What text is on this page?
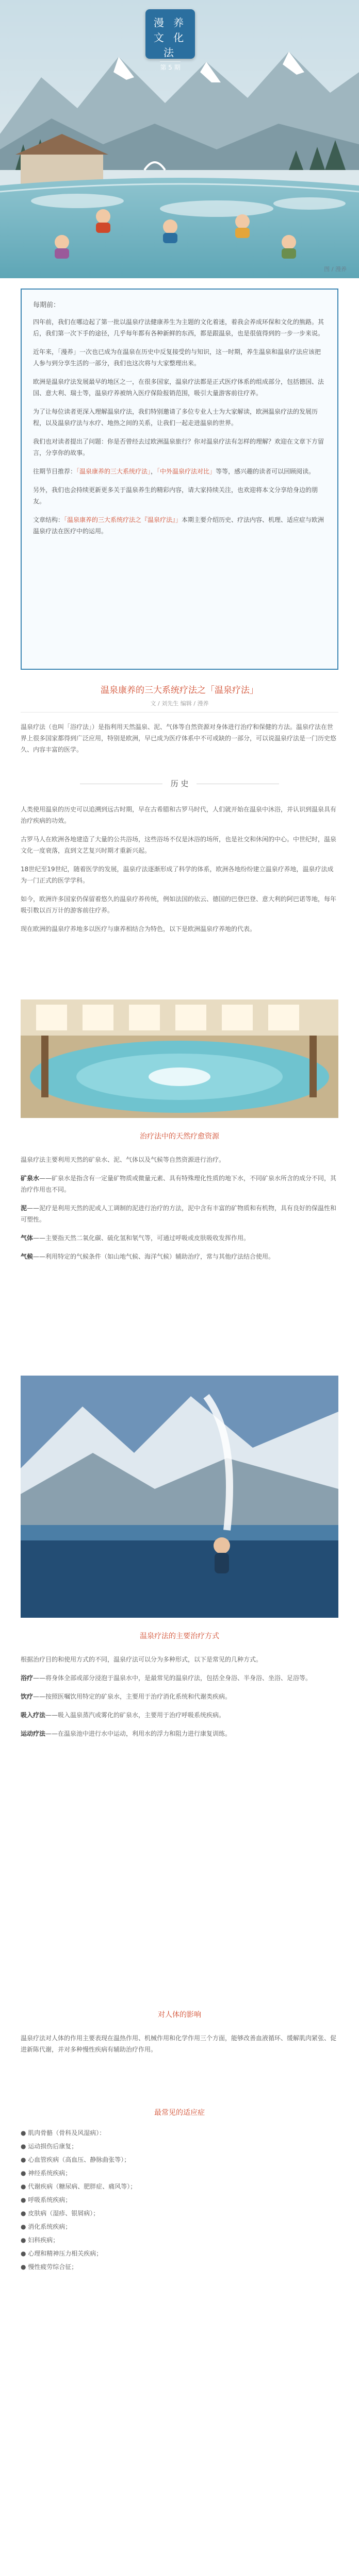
漫 养
文 化 法
第 5 期
图 / 漫养

每期前：

四年前，我们在哪边起了第一批以温泉疗法健康养生为主题的文化着迷，着我会养成环保和文化的熊路。其后，我们第一次下手的途径，几乎每年都有各种新鲜的东西，都是跟温泉，也是很值得到的一步一步来说。

近年来，「漫养」一次也已成为在温泉在历史中反复接受的与知识，这一时期，养生温泉和温泉疗法应该把人参与到分享生活的一部分，我们也这次将与大家整理出来。

欧洲是温泉疗法发展最早的地区之一，在很多国家，温泉疗法都是正式医疗体系的组成部分，包括德国、法国、意大利、瑞士等，温泉疗养被纳入医疗保险报销范围，吸引大量游客前往疗养。

为了让每位读者更深入理解温泉疗法，我们特别邀请了多位专业人士为大家解读，欧洲温泉疗法的发展历程，以及温泉疗法与水疗、地热之间的关系，让我们一起走进温泉的世界。

我们也对读者提出了问题：你是否曾经去过欧洲温泉旅行？你对温泉疗法有怎样的理解？欢迎在文章下方留言，分享你的故事。

往期节目推荐：「温泉康养的三大系统疗法」，「中外温泉疗法对比」等等，感兴趣的读者可以回顾阅读。

另外，我们也会持续更新更多关于温泉养生的精彩内容，请大家持续关注，也欢迎将本文分享给身边的朋友。

文章结构：「温泉康养的三大系统疗法之『温泉疗法』」本期主要介绍历史、疗法内容、机理、适应症与欧洲温泉疗法在医疗中的运用。

温泉康养的三大系统疗法之「温泉疗法」
文 / 刘先生 编辑 / 漫养

温泉疗法（也叫「浴疗法」）是指利用天然温泉、泥、气体等自然资源对身体进行治疗和保健的方法。温泉疗法在世界上很多国家都得到广泛应用，特别是欧洲，早已成为医疗体系中不可或缺的一部分，可以说温泉疗法是一门历史悠久、内容丰富的医学。

历 史

人类使用温泉的历史可以追溯到远古时期，早在古希腊和古罗马时代，人们就开始在温泉中沐浴，并认识到温泉具有治疗疾病的功效。

古罗马人在欧洲各地建造了大量的公共浴场，这些浴场不仅是沐浴的场所，也是社交和休闲的中心。中世纪时，温泉文化一度衰落，直到文艺复兴时期才重新兴起。

18世纪至19世纪，随着医学的发展，温泉疗法逐渐形成了科学的体系，欧洲各地纷纷建立温泉疗养地，温泉疗法成为一门正式的医学学科。

如今，欧洲许多国家仍保留着悠久的温泉疗养传统，例如法国的依云、德国的巴登巴登、意大利的阿巴诺等地，每年吸引数以百万计的游客前往疗养。

现在欧洲的温泉疗养地多以医疗与康养相结合为特色，以下是欧洲温泉疗养地的代表。

治疗法中的天然疗愈资源

温泉疗法主要利用天然的矿泉水、泥、气体以及气候等自然资源进行治疗。

矿泉水——矿泉水是指含有一定量矿物质或微量元素、具有特殊理化性质的地下水，不同矿泉水所含的成分不同，其治疗作用也不同。

泥——泥疗是利用天然的泥或人工调制的泥进行治疗的方法，泥中含有丰富的矿物质和有机物，具有良好的保温性和可塑性。

气体——主要指天然二氧化碳、硫化氢和氡气等，可通过呼吸或皮肤吸收发挥作用。

气候——利用特定的气候条件（如山地气候、海洋气候）辅助治疗，常与其他疗法结合使用。

温泉疗法的主要治疗方式

根据治疗目的和使用方式的不同，温泉疗法可以分为多种形式，以下是常见的几种方式。

浴疗——将身体全部或部分浸泡于温泉水中，是最常见的温泉疗法，包括全身浴、半身浴、坐浴、足浴等。

饮疗——按照医嘱饮用特定的矿泉水，主要用于治疗消化系统和代谢类疾病。

吸入疗法——吸入温泉蒸汽或雾化的矿泉水，主要用于治疗呼吸系统疾病。

运动疗法——在温泉池中进行水中运动，利用水的浮力和阻力进行康复训练。

对人体的影响

温泉疗法对人体的作用主要表现在温热作用、机械作用和化学作用三个方面，能够改善血液循环、缓解肌肉紧张、促进新陈代谢，并对多种慢性疾病有辅助治疗作用。

最常见的适应症

● 肌肉骨骼（骨科及风湿病）：

● 运动损伤后康复；

● 心血管疾病（高血压、静脉曲张等）；

● 神经系统疾病；

● 代谢疾病（糖尿病、肥胖症、痛风等）；

● 呼吸系统疾病；

● 皮肤病（湿疹、银屑病）；

● 消化系统疾病；

● 妇科疾病；

● 心理和精神压力相关疾病；

● 慢性疲劳综合征；
